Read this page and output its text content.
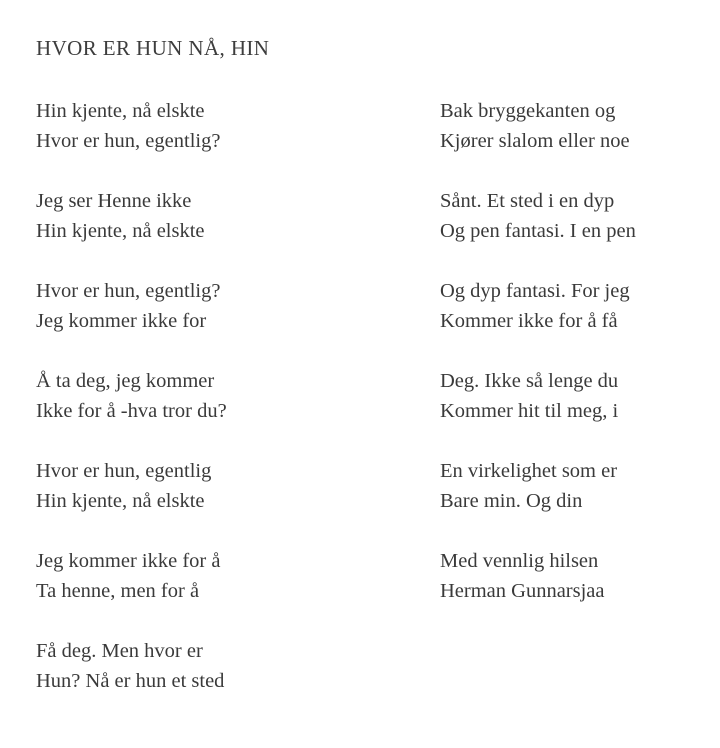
HVOR ER HUN NÅ, HIN
Hin kjente, nå elskte
Hvor er hun, egentlig?
Jeg ser Henne ikke
Hin kjente, nå elskte
Hvor er hun, egentlig?
Jeg kommer ikke for
Å ta deg, jeg kommer
Ikke for å -hva tror du?
Hvor er hun, egentlig
Hin kjente, nå elskte
Jeg kommer ikke for å
Ta henne, men for å
Få deg. Men hvor er
Hun? Nå er hun et sted
Bak bryggekanten og
Kjører slalom eller noe
Sånt. Et sted i en dyp
Og pen fantasi. I en pen
Og dyp fantasi. For jeg
Kommer ikke for å få
Deg. Ikke så lenge du
Kommer hit til meg, i
En virkelighet som er
Bare min. Og din
Med vennlig hilsen
Herman Gunnarsjaa
